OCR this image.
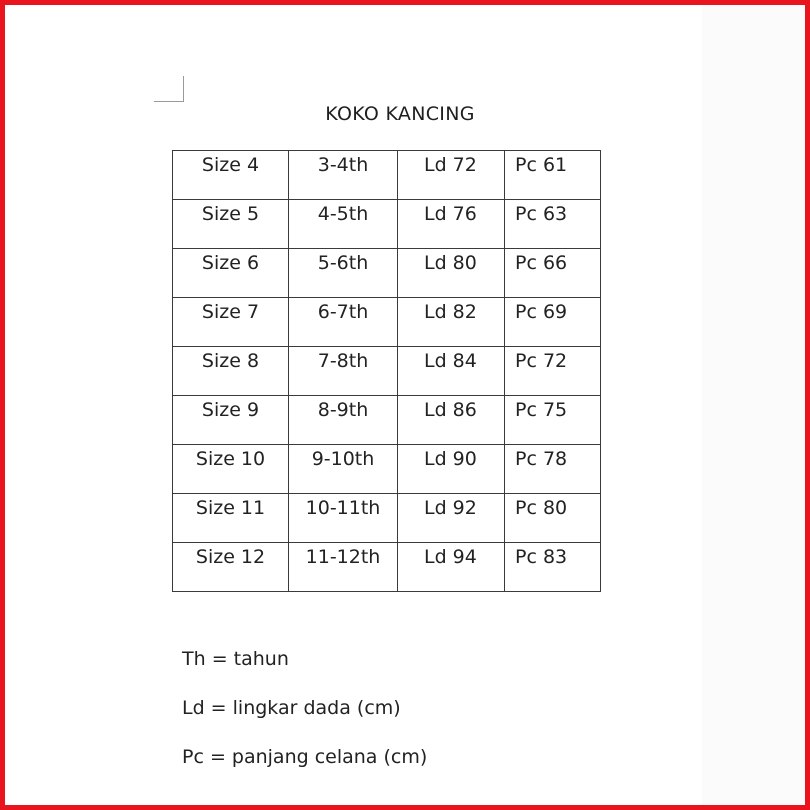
KOKO KANCING
Size 4	3-4th	Ld 72	Pc 61

Size 5	4-5th	Ld 76	Pc 63

Size 6	5-6th	Ld 80	Pc 66

Size 7	6-7th	Ld 82	Pc 69

Size 8	7-8th	Ld 84	Pc 72

Size 9	8-9th	Ld 86	Pc 75

Size 10	9-10th	Ld 90	Pc 78

Size 11	10-11th	Ld 92	Pc 80

Size 12	11-12th	Ld 94	Pc 83
Th = tahun
Ld = lingkar dada (cm)
Pc = panjang celana (cm)
